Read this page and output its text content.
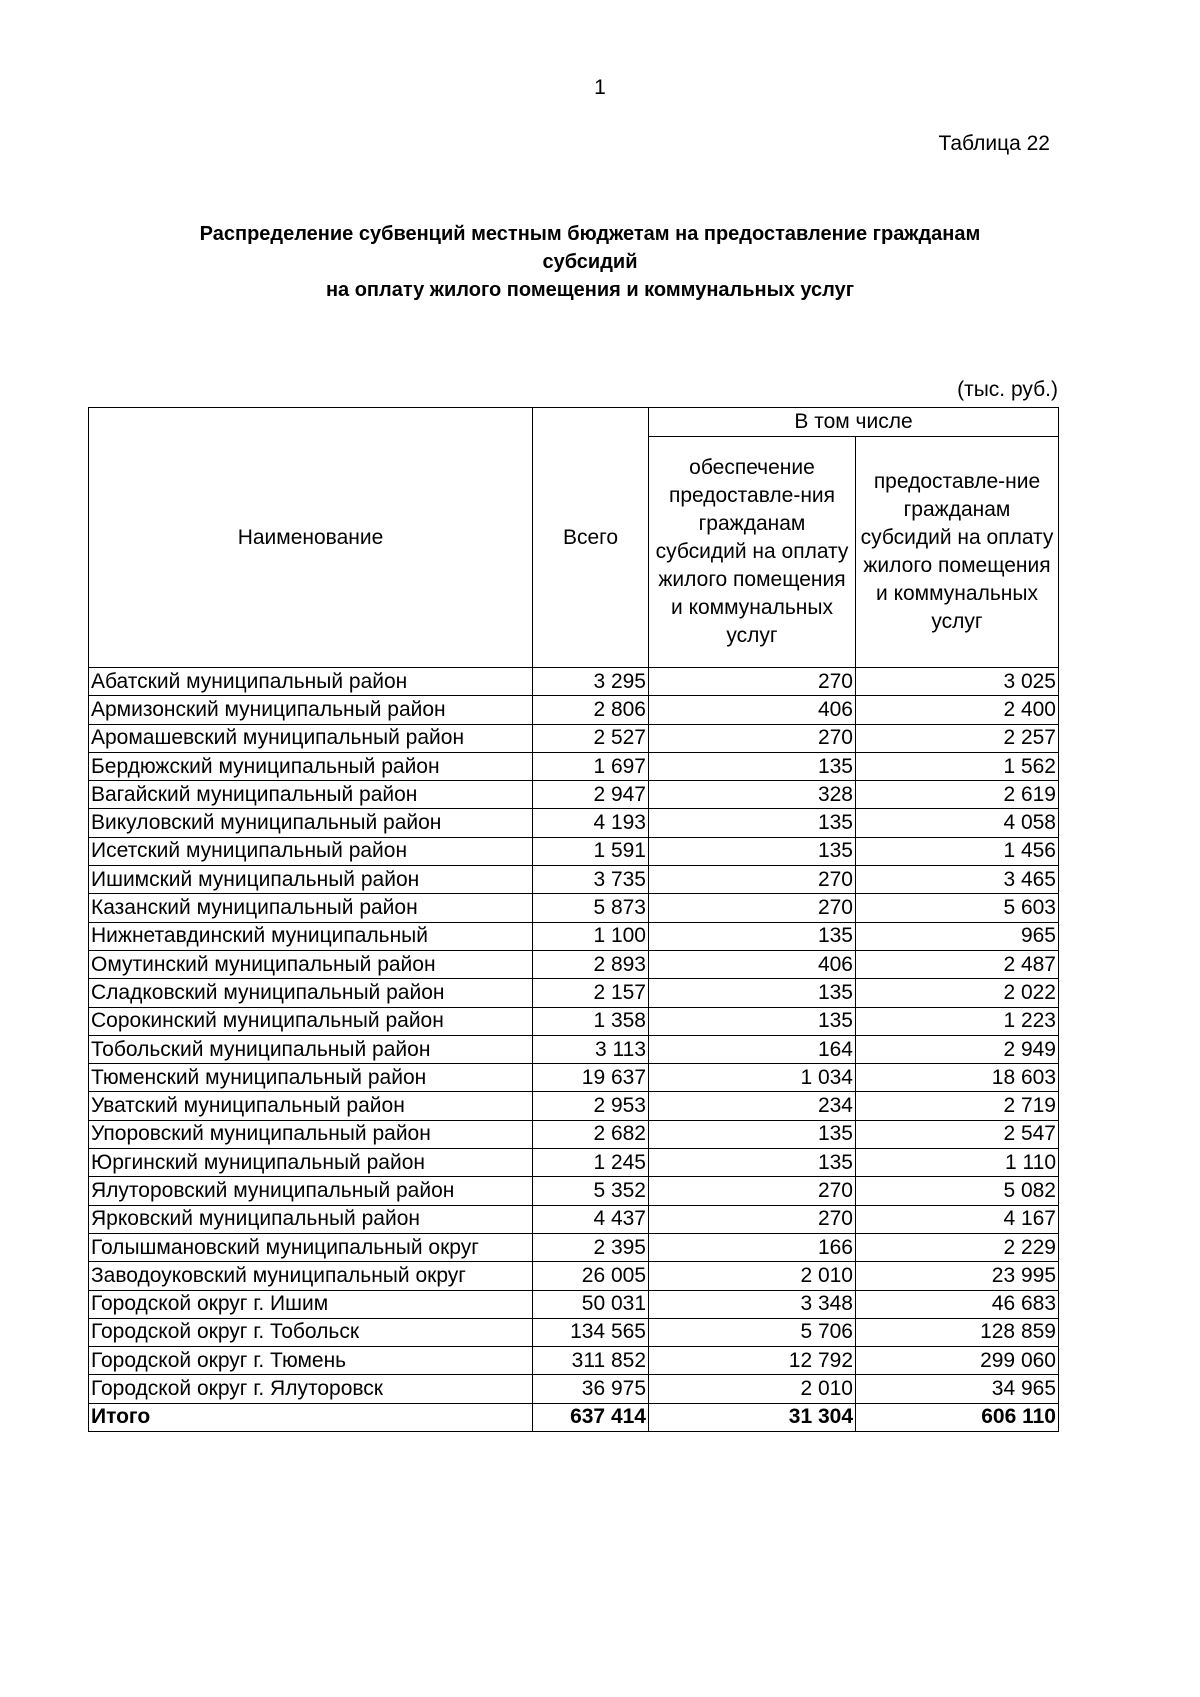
1
Таблица 22
Распределение субвенций местным бюджетам на предоставление гражданам
субсидий
на оплату жилого помещения и коммунальных услуг
(тыс. руб.)
Наименование	Всего	В том числе	
		обеспечение предоставле-ния гражданам субсидий на оплату жилого помещения и коммунальных услуг	предоставле-ние гражданам субсидий на оплату жилого помещения и коммунальных услуг
Абатский муниципальный район	3 295	270	3 025
Армизонский муниципальный район	2 806	406	2 400
Аромашевский муниципальный район	2 527	270	2 257
Бердюжский муниципальный район	1 697	135	1 562
Вагайский муниципальный район	2 947	328	2 619
Викуловский муниципальный район	4 193	135	4 058
Исетский муниципальный район	1 591	135	1 456
Ишимский муниципальный район	3 735	270	3 465
Казанский муниципальный район	5 873	270	5 603
Нижнетавдинский муниципальный	1 100	135	965
Омутинский муниципальный район	2 893	406	2 487
Сладковский муниципальный район	2 157	135	2 022
Сорокинский муниципальный район	1 358	135	1 223
Тобольский муниципальный район	3 113	164	2 949
Тюменский муниципальный район	19 637	1 034	18 603
Уватский муниципальный район	2 953	234	2 719
Упоровский муниципальный район	2 682	135	2 547
Юргинский муниципальный район	1 245	135	1 110
Ялуторовский муниципальный район	5 352	270	5 082
Ярковский муниципальный район	4 437	270	4 167
Голышмановский муниципальный округ	2 395	166	2 229
Заводоуковский муниципальный округ	26 005	2 010	23 995
Городской округ г. Ишим	50 031	3 348	46 683
Городской округ г. Тобольск	134 565	5 706	128 859
Городской округ г. Тюмень	311 852	12 792	299 060
Городской округ г. Ялуторовск	36 975	2 010	34 965
Итого	637 414	31 304	606 110
